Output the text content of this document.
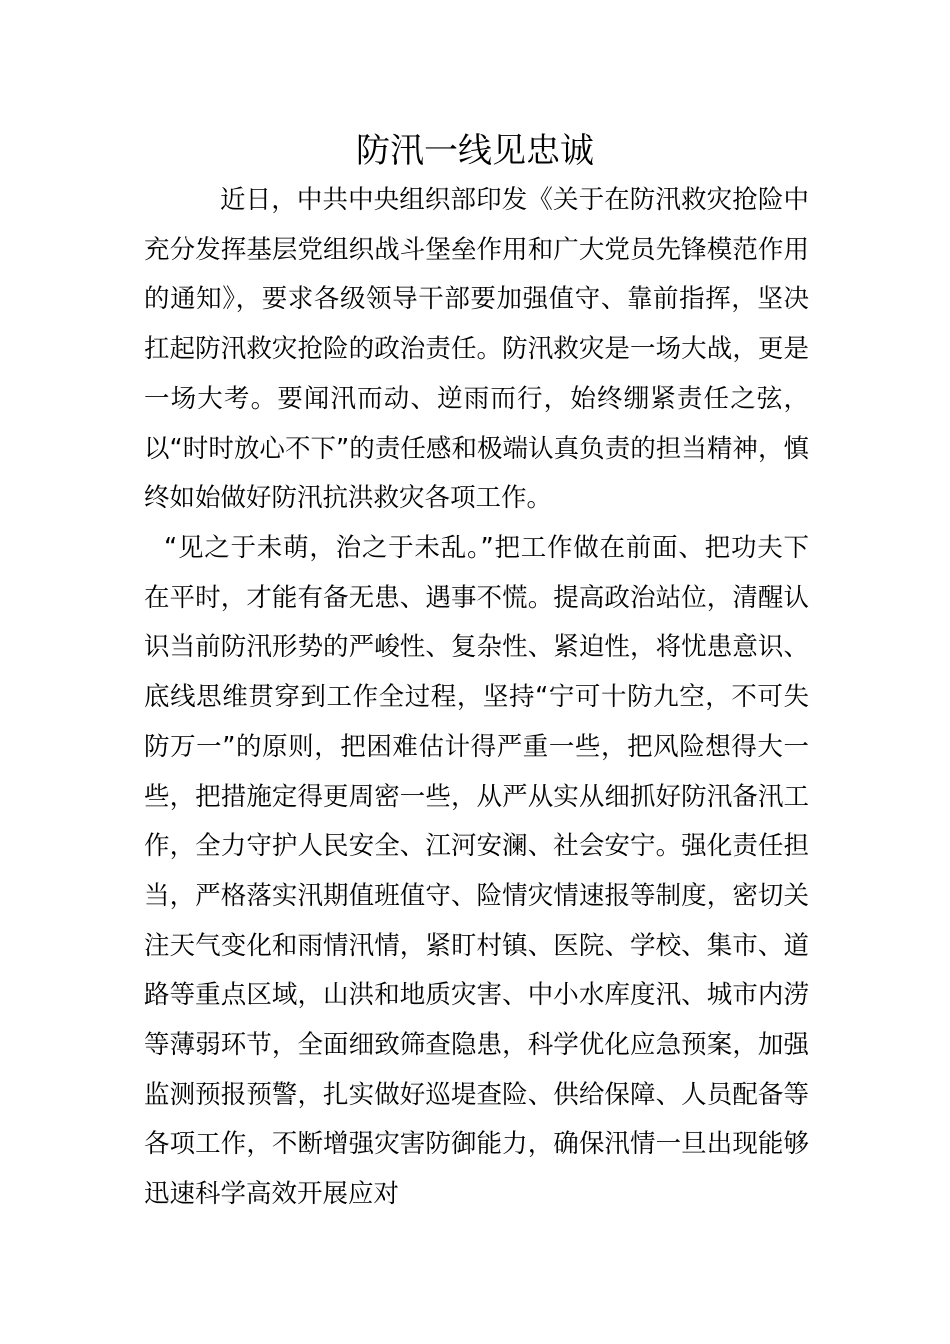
防汛一线见忠诚

近日，中共中央组织部印发《关于在防汛救灾抢险中充分发挥基层党组织战斗堡垒作用和广大党员先锋模范作用的通知》，要求各级领导干部要加强值守、靠前指挥，坚决扛起防汛救灾抢险的政治责任。防汛救灾是一场大战，更是一场大考。要闻汛而动、逆雨而行，始终绷紧责任之弦，以“时时放心不下”的责任感和极端认真负责的担当精神，慎终如始做好防汛抗洪救灾各项工作。

“见之于未萌，治之于未乱。”把工作做在前面、把功夫下在平时，才能有备无患、遇事不慌。提高政治站位，清醒认识当前防汛形势的严峻性、复杂性、紧迫性，将忧患意识、底线思维贯穿到工作全过程，坚持“宁可十防九空，不可失防万一”的原则，把困难估计得严重一些，把风险想得大一些，把措施定得更周密一些，从严从实从细抓好防汛备汛工作，全力守护人民安全、江河安澜、社会安宁。强化责任担当，严格落实汛期值班值守、险情灾情速报等制度，密切关注天气变化和雨情汛情，紧盯村镇、医院、学校、集市、道路等重点区域，山洪和地质灾害、中小水库度汛、城市内涝等薄弱环节，全面细致筛查隐患，科学优化应急预案，加强监测预报预警，扎实做好巡堤查险、供给保障、人员配备等各项工作，不断增强灾害防御能力，确保汛情一旦出现能够迅速科学高效开展应对
